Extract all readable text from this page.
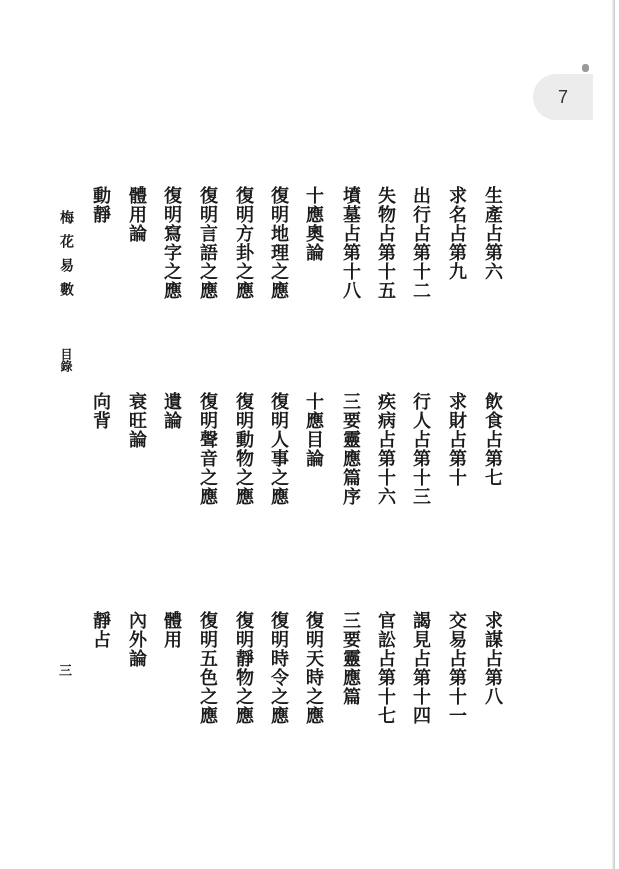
7
生產占第六
飲食占第七
求謀占第八
求名占第九
求財占第十
交易占第十一
出行占第十二
行人占第十三
謁見占第十四
失物占第十五
疾病占第十六
官訟占第十七
墳墓占第十八
三要靈應篇序
三要靈應篇
十應奧論
十應目論
復明天時之應
復明地理之應
復明人事之應
復明時令之應
復明方卦之應
復明動物之應
復明靜物之應
復明言語之應
復明聲音之應
復明五色之應
復明寫字之應
遺論
體用
體用論
衰旺論
內外論
動靜
向背
靜占
梅花易數
目錄
三
